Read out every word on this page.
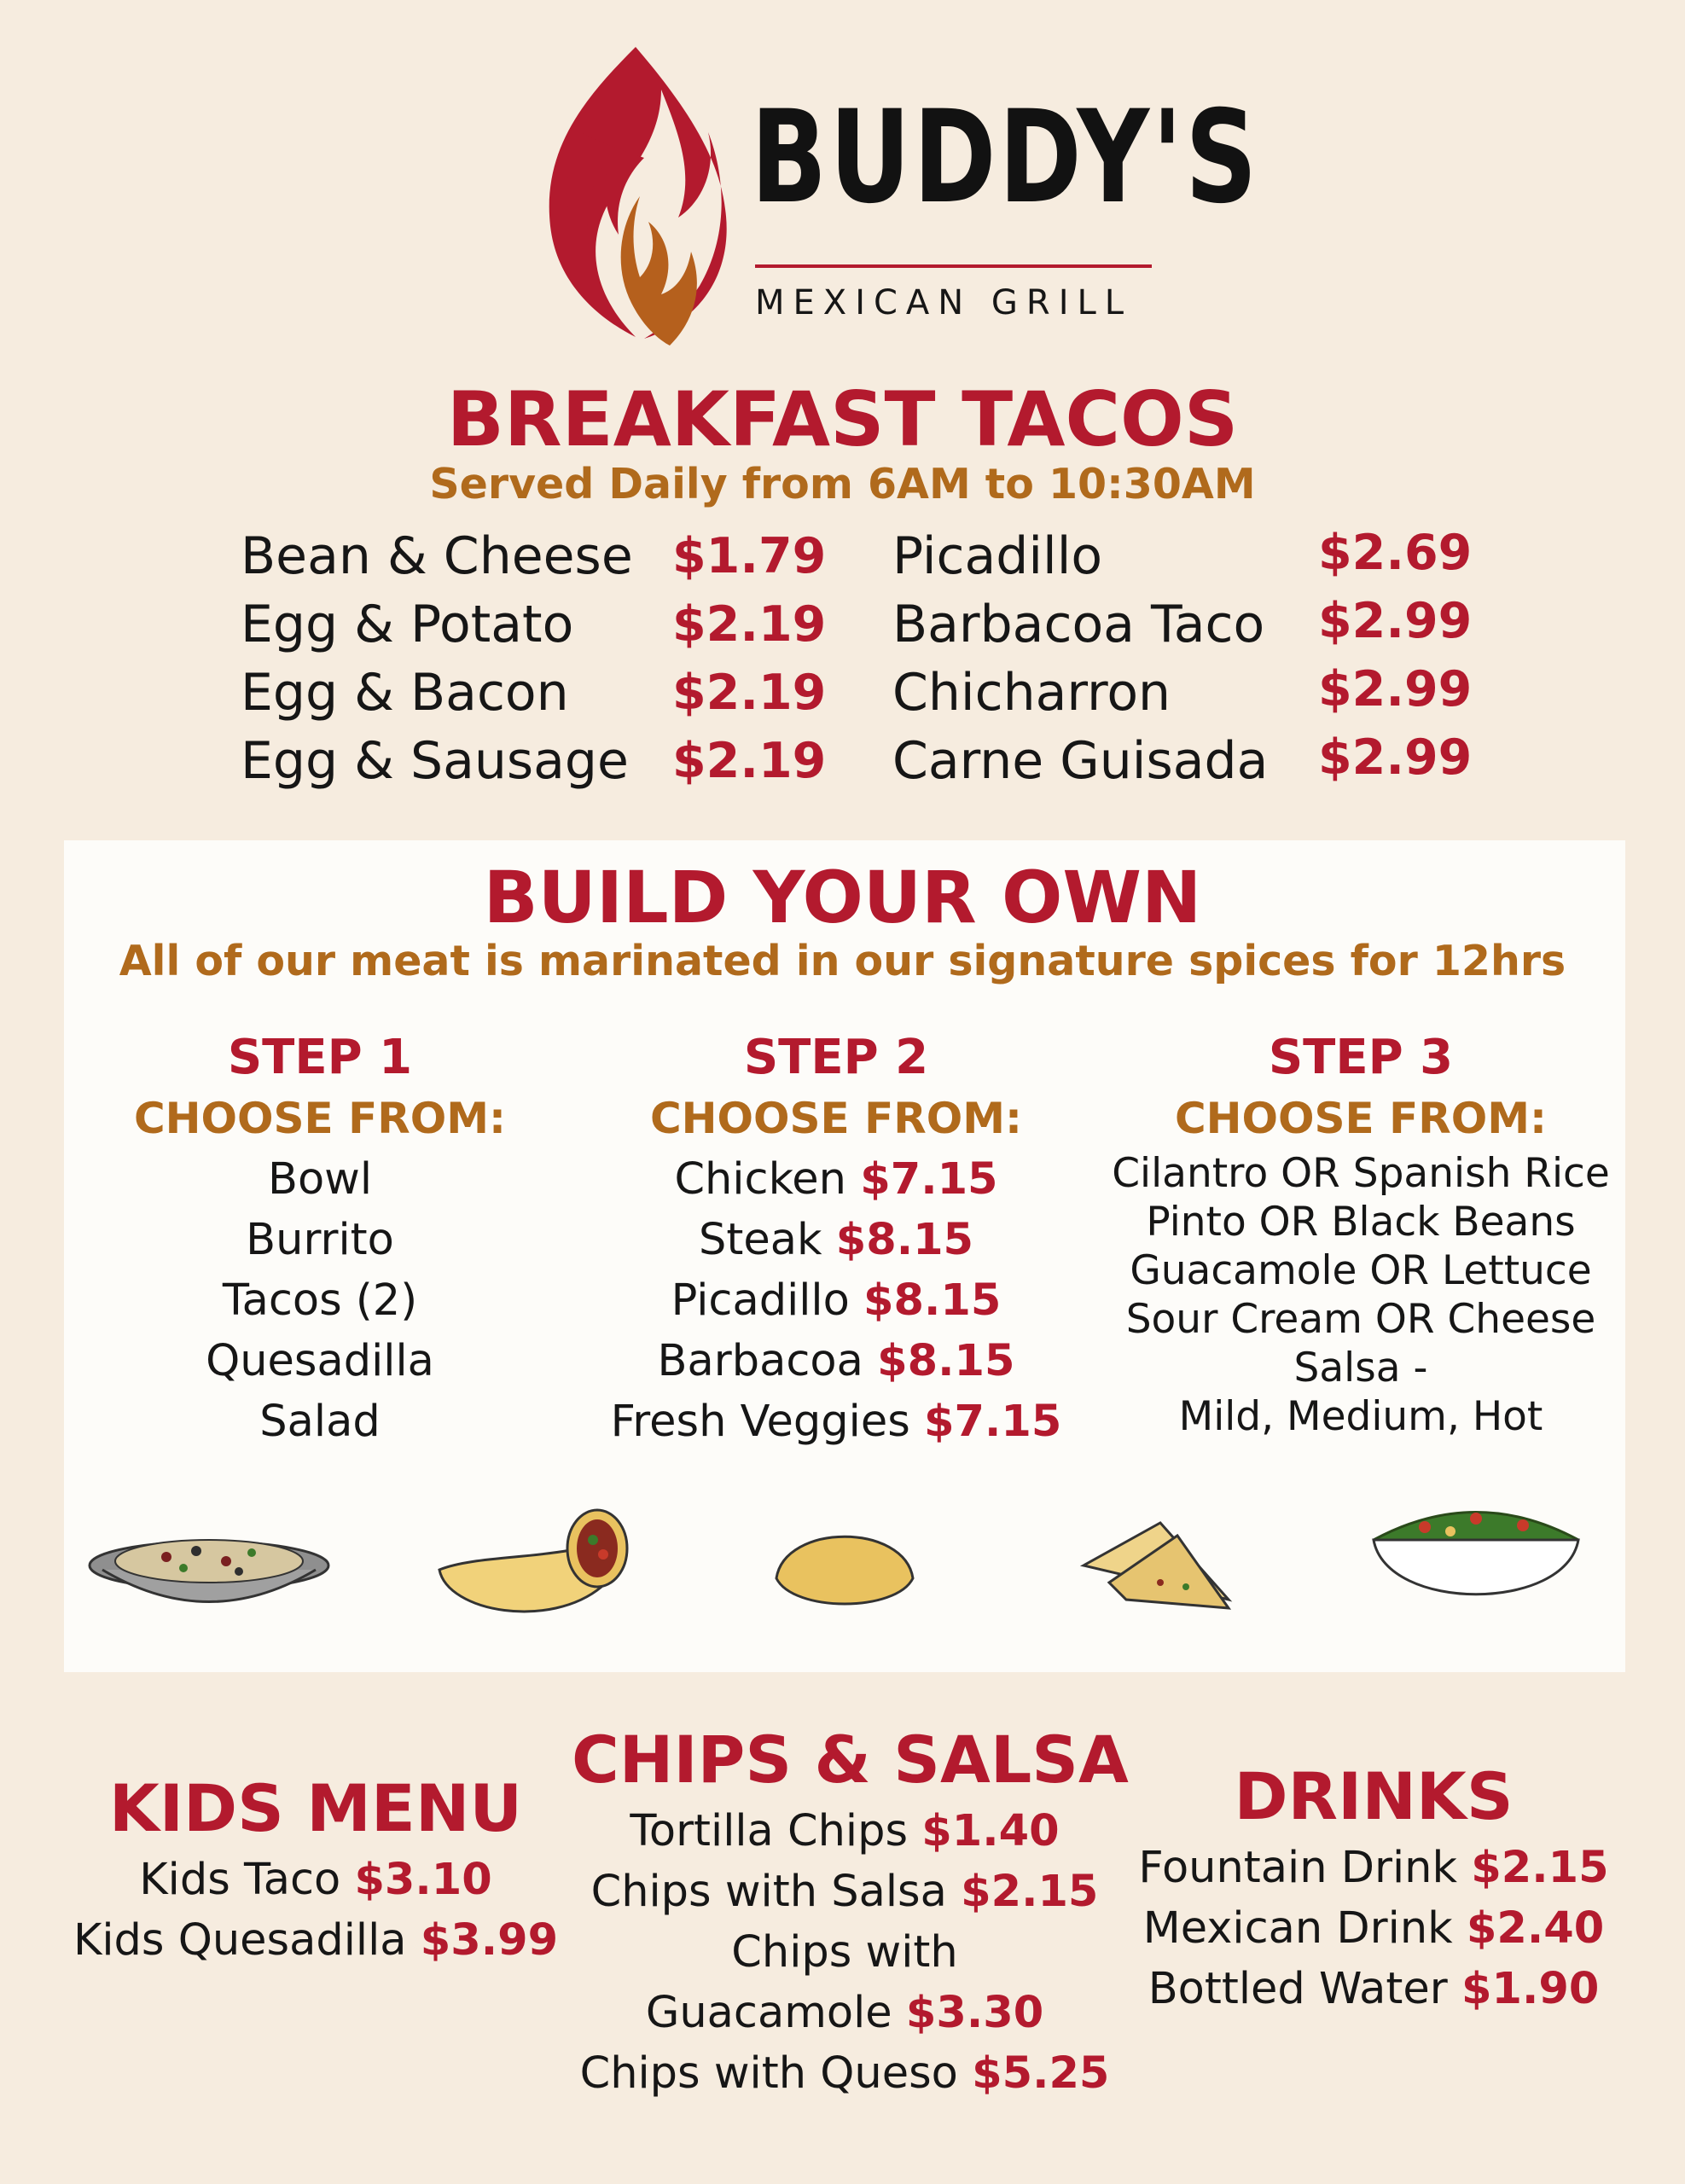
BUDDY'S
MEXICAN GRILL
BREAKFAST TACOS
Served Daily from 6AM to 10:30AM
Bean & Cheese
Egg & Potato
Egg & Bacon
Egg & Sausage
$1.79
$2.19
$2.19
$2.19
Picadillo
Barbacoa Taco
Chicharron
Carne Guisada
$2.69
$2.99
$2.99
$2.99
BUILD YOUR OWN
All of our meat is marinated in our signature spices for 12hrs
STEP 1
CHOOSE FROM:
Bowl
Burrito
Tacos (2)
Quesadilla
Salad
STEP 2
CHOOSE FROM:
Chicken $7.15
Steak $8.15
Picadillo $8.15
Barbacoa $8.15
Fresh Veggies $7.15
STEP 3
CHOOSE FROM:
Cilantro OR Spanish Rice
Pinto OR Black Beans
Guacamole OR Lettuce
Sour Cream OR Cheese
Salsa -
Mild, Medium, Hot
KIDS MENU
Kids Taco $3.10
Kids Quesadilla $3.99
CHIPS & SALSA
Tortilla Chips $1.40
Chips with Salsa $2.15
Chips with
Guacamole $3.30
Chips with Queso $5.25
DRINKS
Fountain Drink $2.15
Mexican Drink $2.40
Bottled Water $1.90
